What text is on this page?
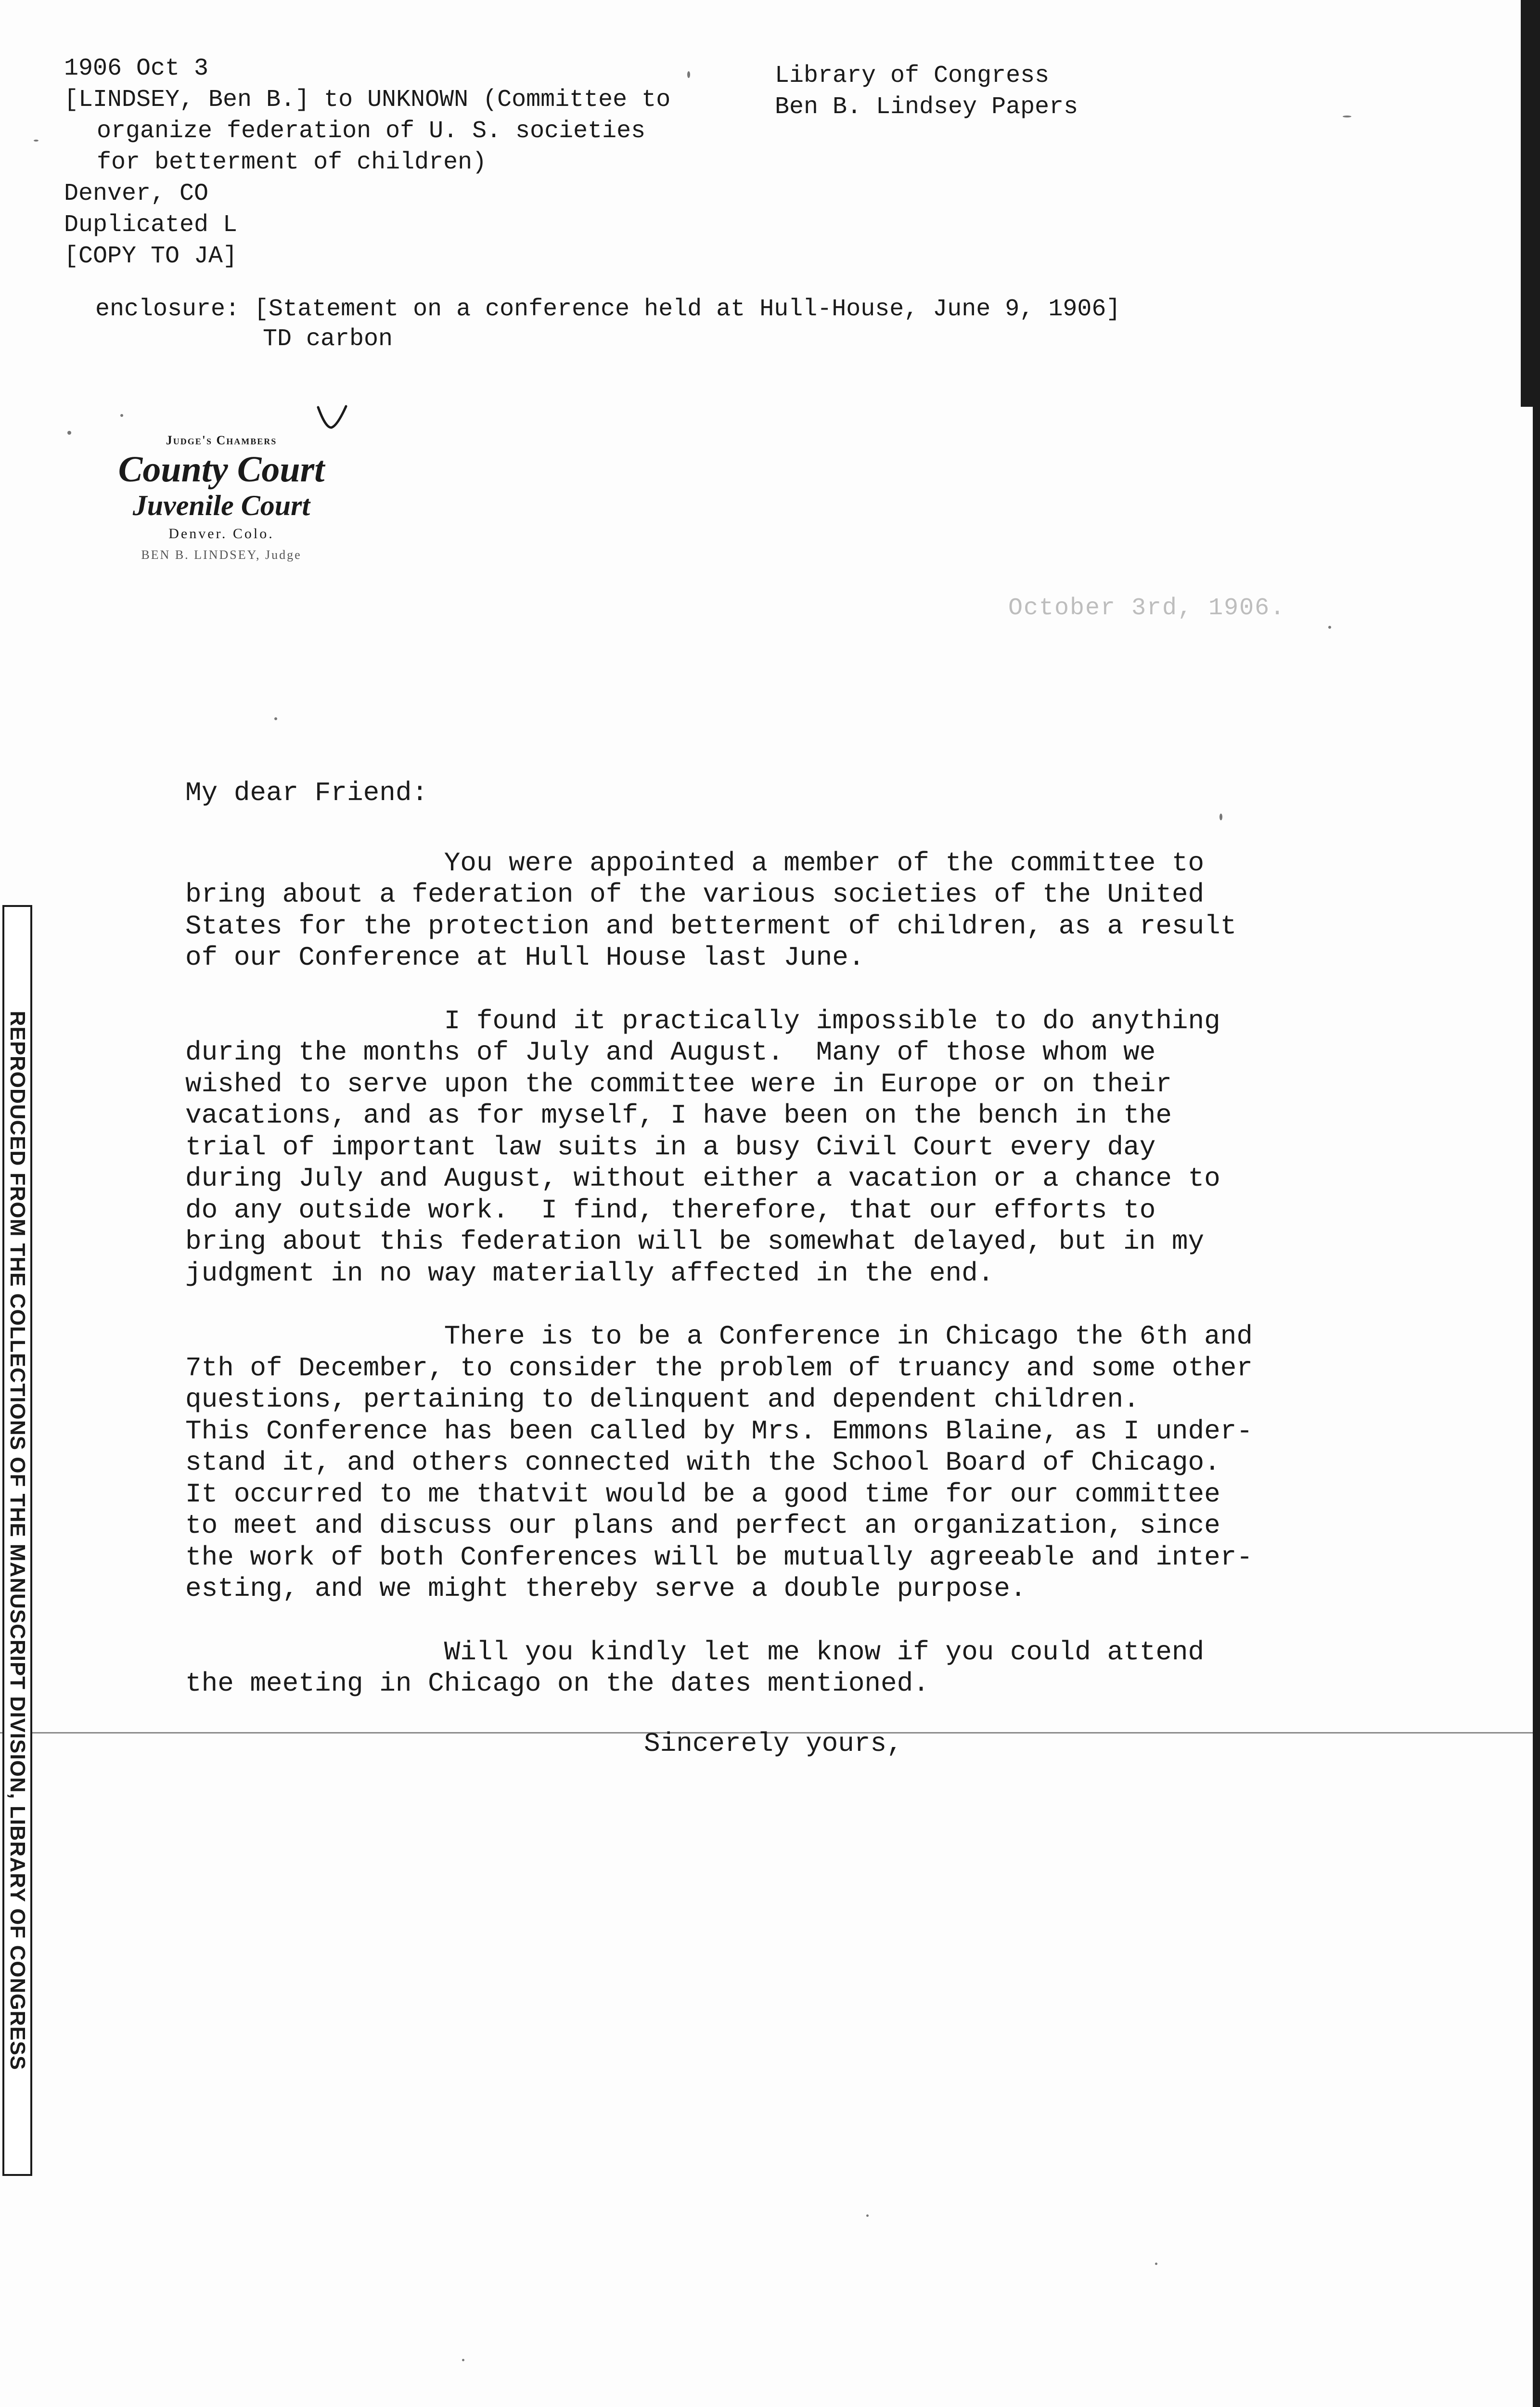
1906 Oct 3
[LINDSEY, Ben B.] to UNKNOWN (Committee to
organize federation of U. S. societies
for betterment of children)
Denver, CO
Duplicated L
[COPY TO JA]
Library of Congress
Ben B. Lindsey Papers
enclosure: [Statement on a conference held at Hull-House, June 9, 1906]
TD carbon
Judge's Chambers
County Court
Juvenile Court
Denver. Colo.
BEN B. LINDSEY, Judge
October 3rd, 1906.
My dear Friend:
You were appointed a member of the committee to
bring about a federation of the various societies of the United
States for the protection and betterment of children, as a result
of our Conference at Hull House last June.
I found it practically impossible to do anything
during the months of July and August.  Many of those whom we
wished to serve upon the committee were in Europe or on their
vacations, and as for myself, I have been on the bench in the
trial of important law suits in a busy Civil Court every day
during July and August, without either a vacation or a chance to
do any outside work.  I find, therefore, that our efforts to
bring about this federation will be somewhat delayed, but in my
judgment in no way materially affected in the end.
There is to be a Conference in Chicago the 6th and
7th of December, to consider the problem of truancy and some other
questions, pertaining to delinquent and dependent children.
This Conference has been called by Mrs. Emmons Blaine, as I under-
stand it, and others connected with the School Board of Chicago.
It occurred to me thatvit would be a good time for our committee
to meet and discuss our plans and perfect an organization, since
the work of both Conferences will be mutually agreeable and inter-
esting, and we might thereby serve a double purpose.
Will you kindly let me know if you could attend
the meeting in Chicago on the dates mentioned.
Sincerely yours,
REPRODUCED FROM THE COLLECTIONS OF THE MANUSCRIPT DIVISION, LIBRARY OF CONGRESS
